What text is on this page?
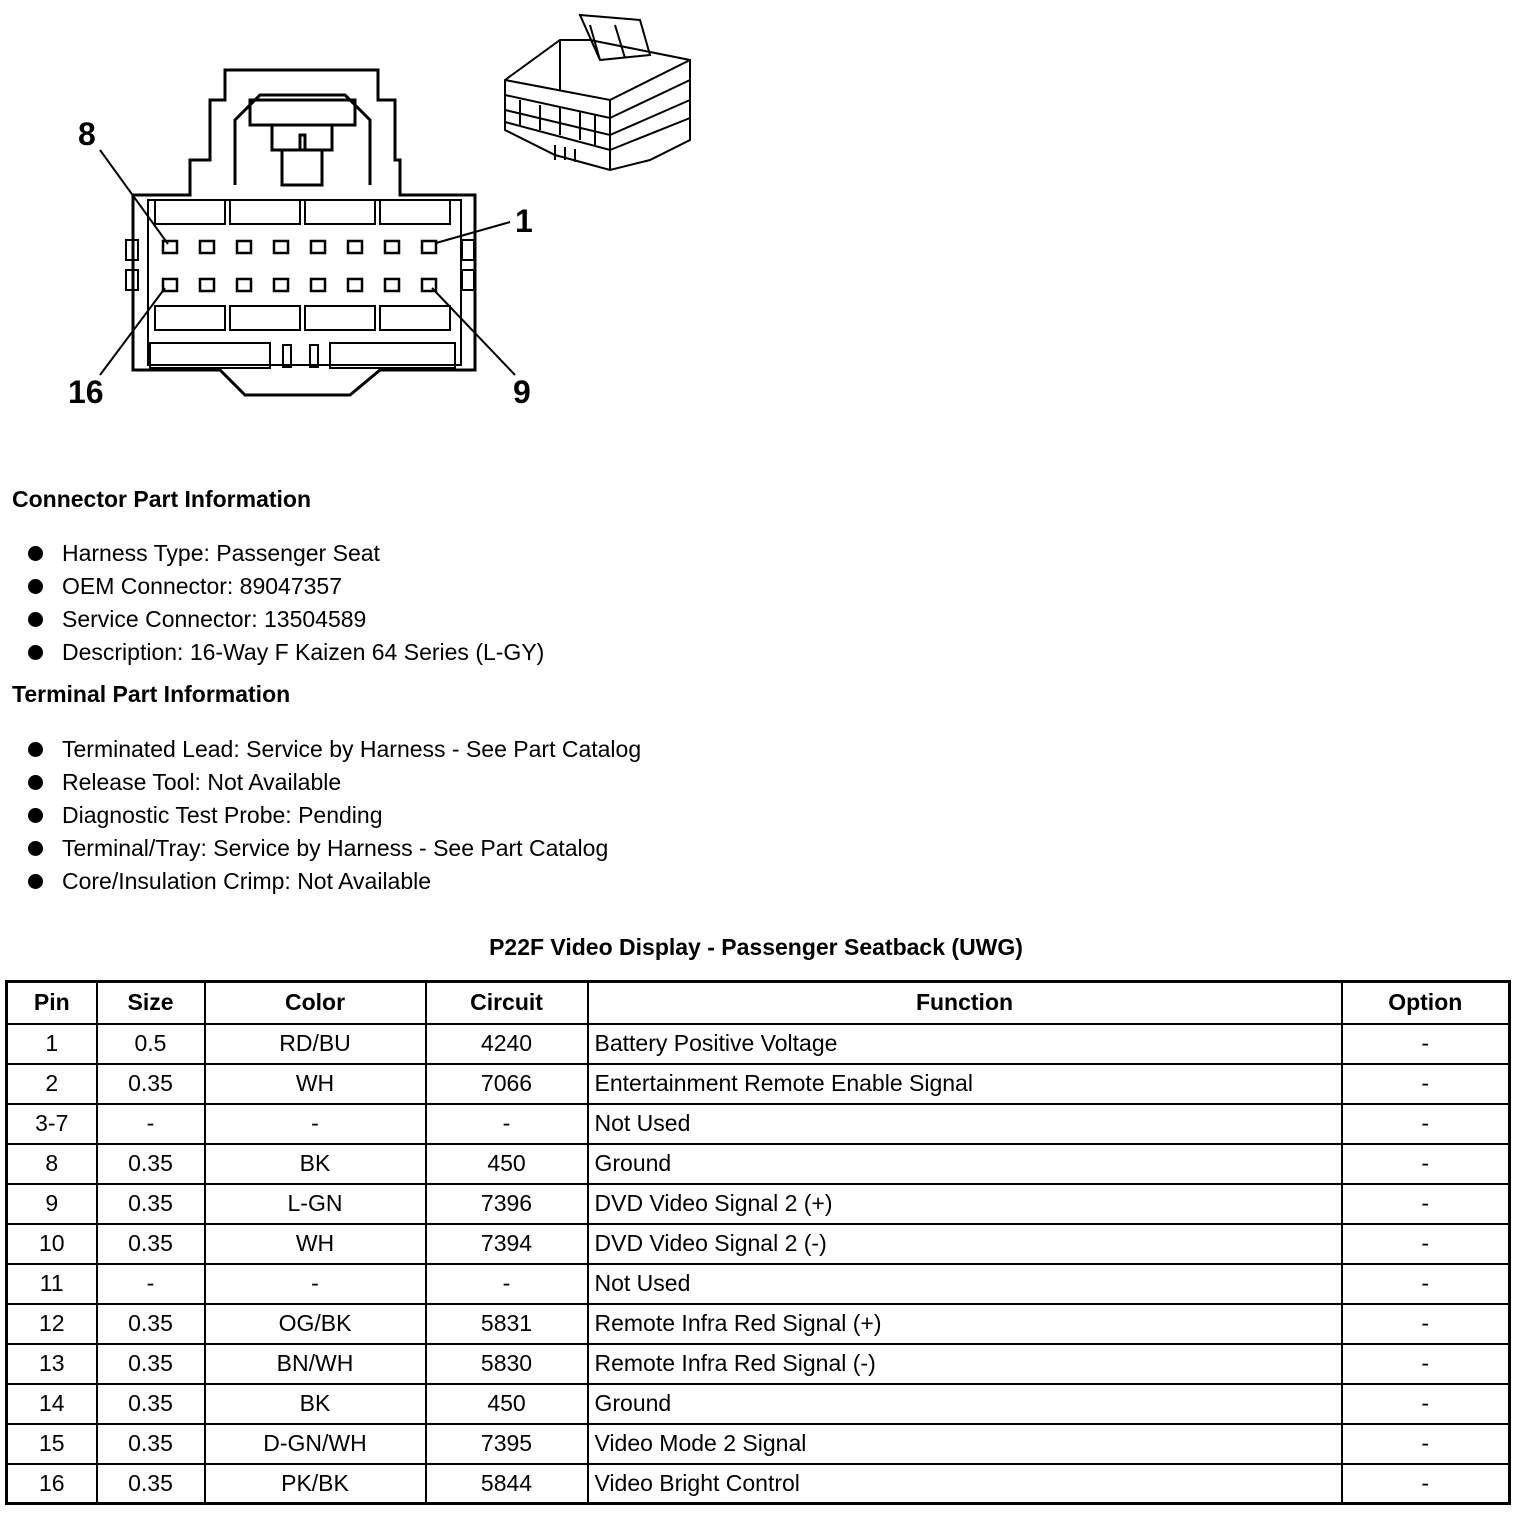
8
1
16	9
Connector Part Information
Harness Type: Passenger Seat
OEM Connector: 89047357
Service Connector: 13504589
Description: 16-Way F Kaizen 64 Series (L-GY)
Terminal Part Information
Terminated Lead: Service by Harness - See Part Catalog
Release Tool: Not Available
Diagnostic Test Probe: Pending
Terminal/Tray: Service by Harness - See Part Catalog
Core/Insulation Crimp: Not Available
P22F Video Display - Passenger Seatback (UWG)
Pin	Size	Color	Circuit	Function	Option
1	0.5	RD/BU	4240	Battery Positive Voltage	-
2	0.35	WH	7066	Entertainment Remote Enable Signal	-
3-7	-	-	-	Not Used	-
8	0.35	BK	450	Ground	-
9	0.35	L-GN	7396	DVD Video Signal 2 (+)	-
10	0.35	WH	7394	DVD Video Signal 2 (-)	-
11	-	-	-	Not Used	-
12	0.35	OG/BK	5831	Remote Infra Red Signal (+)	-
13	0.35	BN/WH	5830	Remote Infra Red Signal (-)	-
14	0.35	BK	450	Ground	-
15	0.35	D-GN/WH	7395	Video Mode 2 Signal	-
16	0.35	PK/BK	5844	Video Bright Control	-
